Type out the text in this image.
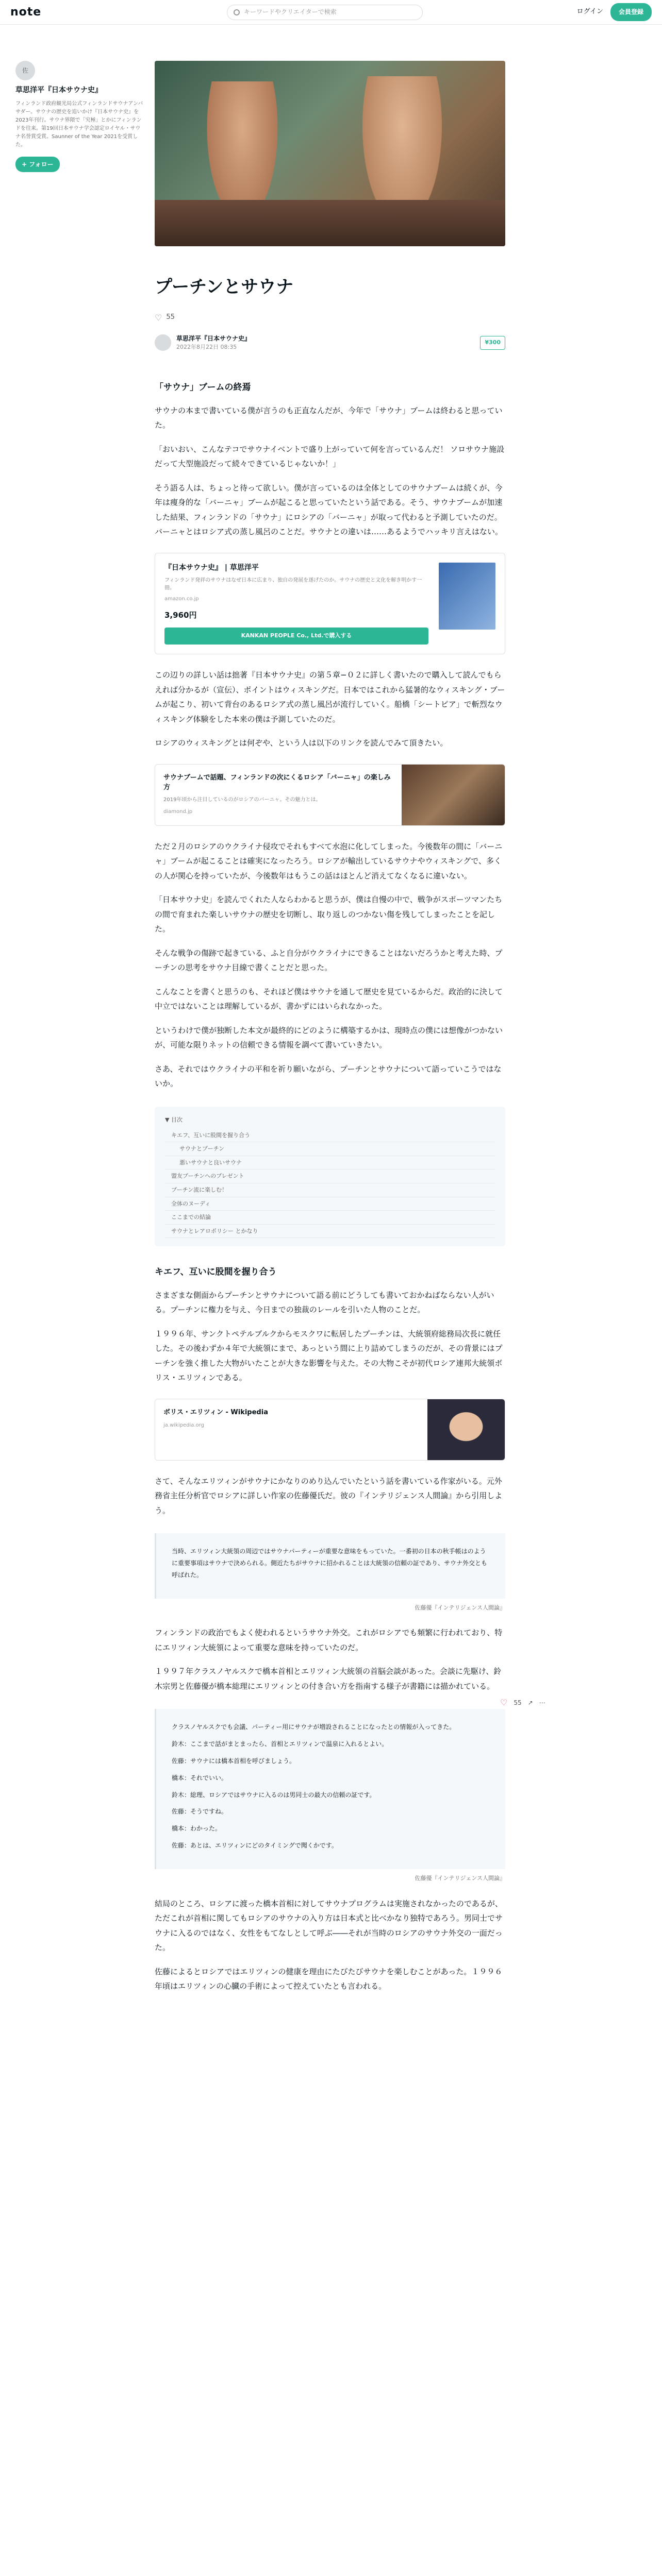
note	キーワードやクリエイターで検索	ログイン	会員登録
佐
草思洋平『日本サウナ史』
フィンランド政府観光局公式フィンランドサウナアンバサダー。サウナの歴史を追いかけ『日本サウナ史』を2023年刊行。サウナ界隈で「究極」とかにフィンランドを往来。第19回日本サウナ学会認定ロイヤル・サウナ名誉賞受賞。Saunner of the Year 2021を受賞した。
+ フォロー
プーチンとサウナ
♡ 55
草思洋平『日本サウナ史』
2022年8月22日 08:35
¥300
「サウナ」ブームの終焉

サウナの本まで書いている僕が言うのも正直なんだが、今年で「サウナ」ブームは終わると思っていた。

「おいおい、こんなテコでサウナイベントで盛り上がっていて何を言っているんだ！ ソロサウナ施設だって大型施設だって続々できているじゃないか！」

そう語る人は、ちょっと待って欲しい。僕が言っているのは全体としてのサウナブームは続くが、今年は痩身的な「バーニャ」ブームが起こると思っていたという話である。そう、サウナブームが加速した結果、フィンランドの「サウナ」にロシアの「バーニャ」が取って代わると予測していたのだ。バーニャとはロシア式の蒸し風呂のことだ。サウナとの違いは……あるようでハッキリ言えはない。

『日本サウナ史』 | 草思洋平
フィンランド発祥のサウナはなぜ日本に広まり、独自の発展を遂げたのか。サウナの歴史と文化を解き明かす一冊。
amazon.co.jp
3,960円
KANKAN PEOPLE Co., Ltd.で購入する

この辺りの詳しい話は拙著『日本サウナ史』の第５章−０２に詳しく書いたので購入して読んでもらえれば分かるが（宣伝）、ポイントはウィスキングだ。日本ではこれから猛暑的なウィスキング・ブームが起こり、初いて背台のあるロシア式の蒸し風呂が流行していく。船橋「シートピア」で斬烈なウィスキング体験をした本来の僕は予測していたのだ。

ロシアのウィスキングとは何ぞや、という人は以下のリンクを読んでみて頂きたい。

サウナブームで話題、フィンランドの次にくるロシア「バーニャ」の楽しみ方
2019年頃から注目しているのがロシアのバーニャ。その魅力とは。
diamond.jp

ただ２月のロシアのウクライナ侵攻でそれもすべて水泡に化してしまった。今後数年の間に「バーニャ」ブームが起こることは確実になったろう。ロシアが輸出しているサウナやウィスキングで、多くの人が関心を持っていたが、今後数年はもうこの話はほとんど消えてなくなるに違いない。

「日本サウナ史」を読んでくれた人ならわかると思うが、僕は自慢の中で、戦争がスポーツマンたちの間で育まれた楽しいサウナの歴史を切断し、取り返しのつかない傷を残してしまったことを記した。

そんな戦争の傷跡で起きている、ふと自分がウクライナにできることはないだろうかと考えた時、プーチンの思考をサウナ目線で書くことだと思った。

こんなことを書くと思うのも、それほど僕はサウナを通して歴史を見ているからだ。政治的に決して中立ではないことは理解しているが、書かずにはいられなかった。

というわけで僕が独断した本文が最終的にどのように構築するかは、現時点の僕には想像がつかないが、可能な限りネットの信頼できる情報を調べて書いていきたい。

さあ、それではウクライナの平和を祈り願いながら、プーチンとサウナについて語っていこうではないか。

▼ 目次
キエフ、互いに股間を握り合う
サウナとプーチン
悪いサウナと良いサウナ
盟友プーチンへのプレゼント
プーチン流に楽しむ！
全体のヌーディ
ここまでの結論
サウナとレアロポリシー とかなり
キエフ、互いに股間を握り合う

さまざまな側面からプーチンとサウナについて語る前にどうしても書いておかねばならない人がいる。プーチンに権力を与え、今日までの独裁のレールを引いた人物のことだ。

１９９６年、サンクトペテルブルクからモスクワに転居したプーチンは、大統領府総務局次長に就任した。その後わずか４年で大統領にまで、あっという間に上り詰めてしまうのだが、その背景にはプーチンを強く推した大物がいたことが大きな影響を与えた。その大物こそが初代ロシア連邦大統領ボリス・エリツィンである。

ボリス・エリツィン - Wikipedia
ja.wikipedia.org

さて、そんなエリツィンがサウナにかなりのめり込んでいたという話を書いている作家がいる。元外務省主任分析官でロシアに詳しい作家の佐藤優氏だ。彼の『インテリジェンス人間論』から引用しよう。

当時、エリツィン大統領の周辺ではサウナパーティーが重要な意味をもっていた。一番初の日本の秋手帳はのように重要事項はサウナで決められる。側近たちがサウナに招かれることは大統領の信頼の証であり、サウナ外交とも呼ばれた。

佐藤優『インテリジェンス人間論』

フィンランドの政治でもよく使われるというサウナ外交。これがロシアでも頻繁に行われており、特にエリツィン大統領によって重要な意味を持っていたのだ。

１９９７年クラスノヤルスクで橋本首相とエリツィン大統領の首脳会談があった。会談に先駆け、鈴木宗男と佐藤優が橋本総理にエリツィンとの付き合い方を指南する様子が書籍には描かれている。

クラスノヤルスクでも会議、パーティー用にサウナが増設されることになったとの情報が入ってきた。

鈴木：ここまで話がまとまったら、首相とエリツィンで温泉に入れるとよい。

佐藤：サウナには橋本首相を呼びましょう。

橋本：それでいい。

鈴木：総理、ロシアではサウナに入るのは男同士の最大の信頼の証です。

佐藤：そうですね。

橋本：わかった。

佐藤：あとは、エリツィンにどのタイミングで聞くかです。

佐藤優『インテリジェンス人間論』

結局のところ、ロシアに渡った橋本首相に対してサウナプログラムは実施されなかったのであるが、ただこれが首相に関してもロシアのサウナの入り方は日本式と比べかなり独特であろう。男同士でサウナに入るのではなく、女性をもてなしとして呼ぶ――それが当時のロシアのサウナ外交の一面だった。

佐藤によるとロシアではエリツィンの健康を理由にたびたびサウナを楽しむことがあった。１９９６年頃はエリツィンの心臓の手術によって控えていたとも言われる。

♡ 55 ↗ ⋯
